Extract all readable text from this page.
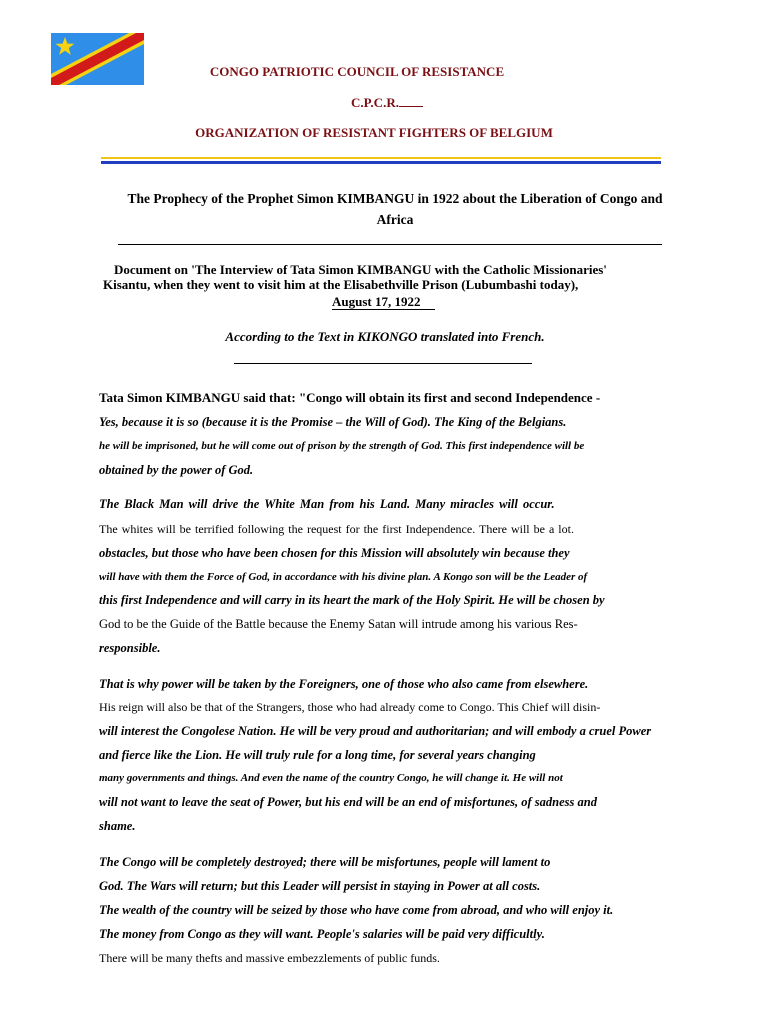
CONGO PATRIOTIC COUNCIL OF RESISTANCE
C.P.C.R.
ORGANIZATION OF RESISTANT FIGHTERS OF BELGIUM
The Prophecy of the Prophet Simon KIMBANGU in 1922 about the Liberation of Congo and
Africa
Document on 'The Interview of Tata Simon KIMBANGU with the Catholic Missionaries'
Kisantu, when they went to visit him at the Elisabethville Prison (Lubumbashi today),
August 17, 1922
According to the Text in KIKONGO translated into French.
Tata Simon KIMBANGU said that: "Congo will obtain its first and second Independence -
Yes, because it is so (because it is the Promise – the Will of God). The King of the Belgians.
he will be imprisoned, but he will come out of prison by the strength of God. This first independence will be
obtained by the power of God.
The Black Man will drive the White Man from his Land. Many miracles will occur.
The whites will be terrified following the request for the first Independence. There will be a lot.
obstacles, but those who have been chosen for this Mission will absolutely win because they
will have with them the Force of God, in accordance with his divine plan. A Kongo son will be the Leader of
this first Independence and will carry in its heart the mark of the Holy Spirit. He will be chosen by
God to be the Guide of the Battle because the Enemy Satan will intrude among his various Res-
responsible.
That is why power will be taken by the Foreigners, one of those who also came from elsewhere.
His reign will also be that of the Strangers, those who had already come to Congo. This Chief will disin-
will interest the Congolese Nation. He will be very proud and authoritarian; and will embody a cruel Power
and fierce like the Lion. He will truly rule for a long time, for several years changing
many governments and things. And even the name of the country Congo, he will change it. He will not
will not want to leave the seat of Power, but his end will be an end of misfortunes, of sadness and
shame.
The Congo will be completely destroyed; there will be misfortunes, people will lament to
God. The Wars will return; but this Leader will persist in staying in Power at all costs.
The wealth of the country will be seized by those who have come from abroad, and who will enjoy it.
The money from Congo as they will want. People's salaries will be paid very difficultly.
There will be many thefts and massive embezzlements of public funds.
